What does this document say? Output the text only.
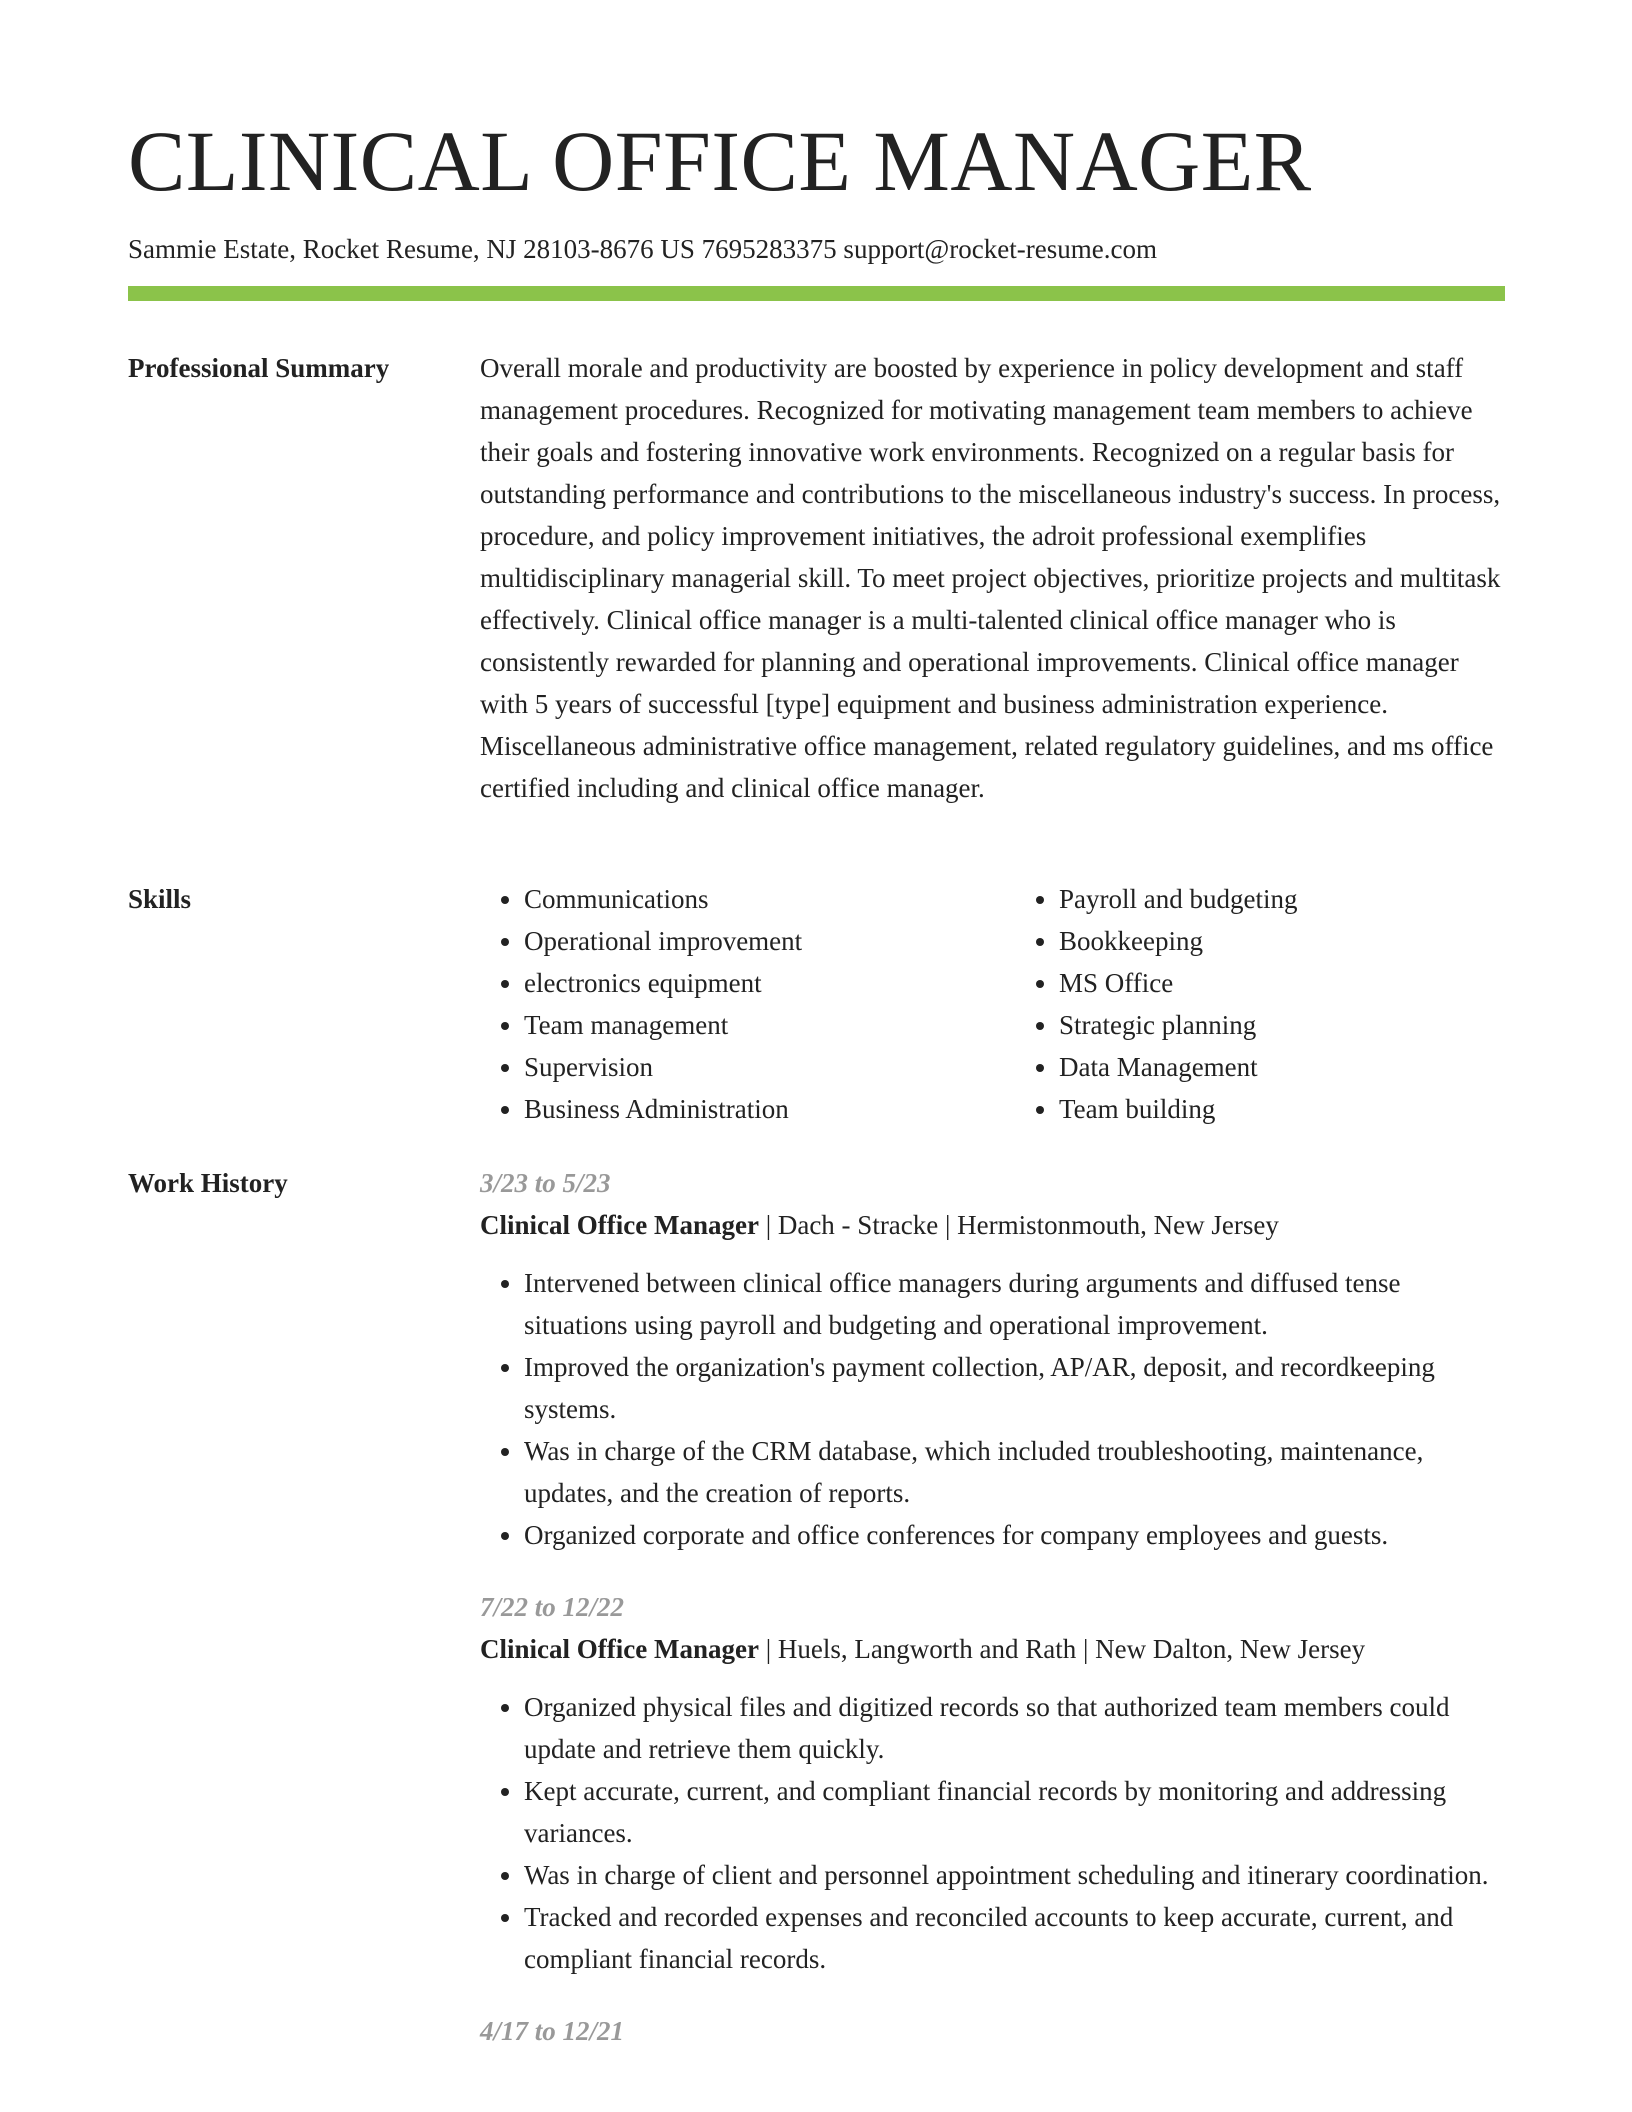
CLINICAL OFFICE MANAGER
Sammie Estate, Rocket Resume, NJ 28103-8676 US 7695283375 support@rocket-resume.com
Professional Summary	Overall morale and productivity are boosted by experience in policy development and staff management procedures. Recognized for motivating management team members to achieve their goals and fostering innovative work environments. Recognized on a regular basis for outstanding performance and contributions to the miscellaneous industry's success. In process, procedure, and policy improvement initiatives, the adroit professional exemplifies multidisciplinary managerial skill. To meet project objectives, prioritize projects and multitask effectively. Clinical office manager is a multi-talented clinical office manager who is consistently rewarded for planning and operational improvements. Clinical office manager with 5 years of successful [type] equipment and business administration experience. Miscellaneous administrative office management, related regulatory guidelines, and ms office certified including and clinical office manager.

Skills
•	Communications
• Operational improvement
• electronics equipment
• Team management
• Supervision
• Business Administration
• Payroll and budgeting
• Bookkeeping
• MS Office
• Strategic planning
• Data Management
• Team building
Work History	3/23 to 5/23
Clinical Office Manager | Dach - Stracke | Hermistonmouth, New Jersey
• Intervened between clinical office managers during arguments and diffused tense situations using payroll and budgeting and operational improvement.
• Improved the organization's payment collection, AP/AR, deposit, and recordkeeping systems.
• Was in charge of the CRM database, which included troubleshooting, maintenance, updates, and the creation of reports.
• Organized corporate and office conferences for company employees and guests.
7/22 to 12/22
Clinical Office Manager | Huels, Langworth and Rath | New Dalton, New Jersey
• Organized physical files and digitized records so that authorized team members could update and retrieve them quickly.
• Kept accurate, current, and compliant financial records by monitoring and addressing variances.
• Was in charge of client and personnel appointment scheduling and itinerary coordination.
• Tracked and recorded expenses and reconciled accounts to keep accurate, current, and compliant financial records.
4/17 to 12/21
